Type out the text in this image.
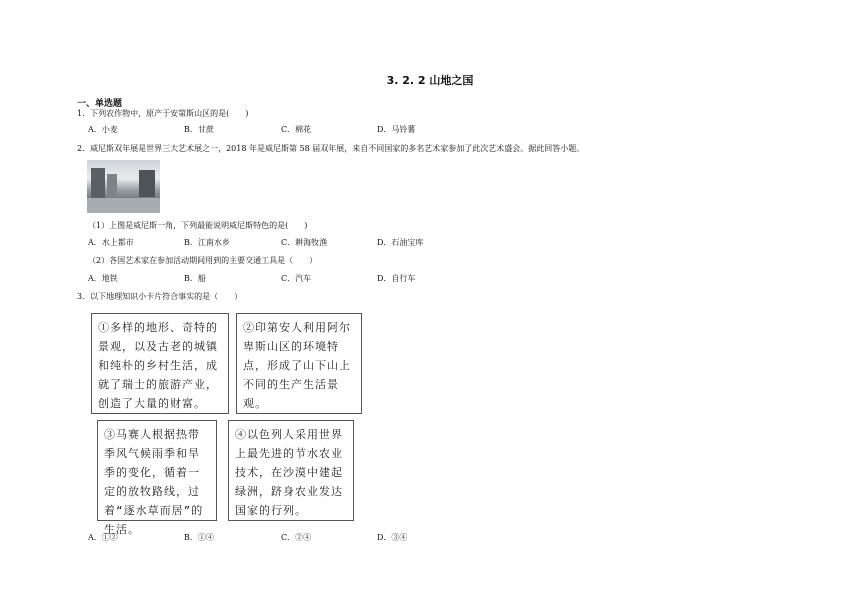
3. 2. 2 山地之国
一、单选题
1．下列农作物中，原产于安第斯山区的是(　　)
A．小麦	B．甘蔗	C．棉花	D．马铃薯
2．威尼斯双年展是世界三大艺术展之一，2018 年是威尼斯第 58 届双年展，来自不同国家的多名艺术家参加了此次艺术盛会。据此回答小题。
（1）上图是威尼斯一角，下列最能说明威尼斯特色的是(　　)
A．水上都市	B．江南水乡	C．耕海牧渔	D．石油宝库
（2）各国艺术家在参加活动期间用到的主要交通工具是（　　）
A．地铁	B．船	C．汽车	D．自行车
3．以下地理知识小卡片符合事实的是（　　）

①多样的地形、奇特的景观，以及古老的城镇和纯朴的乡村生活，成就了瑞士的旅游产业，创造了大量的财富。

②印第安人利用阿尔卑斯山区的环境特点，形成了山下山上不同的生产生活景观。

③马赛人根据热带季风气候雨季和旱季的变化，循着一定的放牧路线，过着“逐水草而居”的生活。

④以色列人采用世界上最先进的节水农业技术，在沙漠中建起绿洲，跻身农业发达国家的行列。

A．①②	B．①④	C．②④	D．③④
